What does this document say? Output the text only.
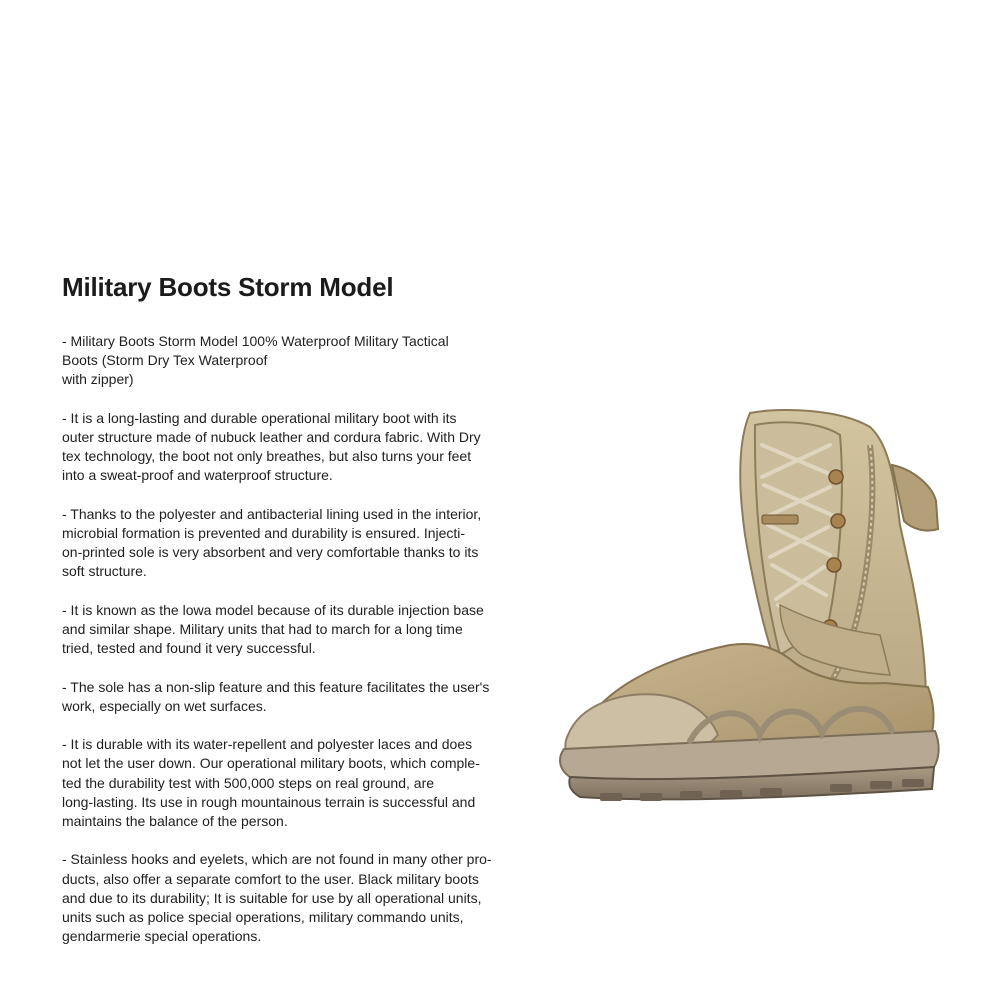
Military Boots Storm Model

- Military Boots Storm Model 100% Waterproof Military Tactical
Boots (Storm Dry Tex Waterproof
with zipper)

- It is a long-lasting and durable operational military boot with its
outer structure made of nubuck leather and cordura fabric. With Dry
tex technology, the boot not only breathes, but also turns your feet
into a sweat-proof and waterproof structure.

- Thanks to the polyester and antibacterial lining used in the interior,
microbial formation is prevented and durability is ensured. Injecti-
on-printed sole is very absorbent and very comfortable thanks to its
soft structure.

- It is known as the lowa model because of its durable injection base
and similar shape. Military units that had to march for a long time
tried, tested and found it very successful.

- The sole has a non-slip feature and this feature facilitates the user's
work, especially on wet surfaces.

- It is durable with its water-repellent and polyester laces and does
not let the user down. Our operational military boots, which comple-
ted the durability test with 500,000 steps on real ground, are
long-lasting. Its use in rough mountainous terrain is successful and
maintains the balance of the person.

- Stainless hooks and eyelets, which are not found in many other pro-
ducts, also offer a separate comfort to the user. Black military boots
and due to its durability; It is suitable for use by all operational units,
units such as police special operations, military commando units,
gendarmerie special operations.
